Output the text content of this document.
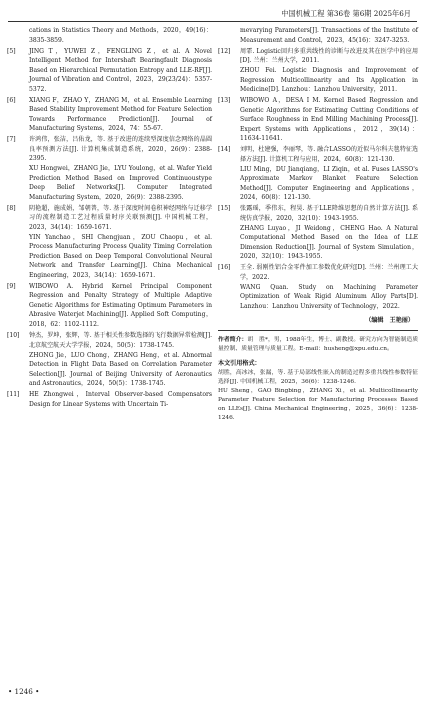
中国机械工程 第36卷 第6期 2025年6月

cations in Statistics Theory and Methods，2020，49(16)：3835-3859.

[5]	JING T，YUWEI Z，FENGLING Z，et al. A Novel Intelligent Method for Intershaft Bearingfault Diagnosis Based on Hierarchical Permutation Entropy and LLE-RF[J]. Journal of Vibration and Control，2023，29(23/24)：5357-5372.

[6]	XIANG F，ZHAO Y，ZHANG M，et al. Ensemble Learning Based Stability Improvement Method for Feature Selection Towards Performance Prediction[J]. Journal of Manufacturing Systems，2024，74：55-67.

[7]	许鸿伟，张洁，吕佑龙，等. 基于改进的连续型深度信念网络的晶圆良率预测方法[J]. 计算机集成制造系统，2020，26(9)：2388-2395.

XU Hongwei，ZHANG Jie，LYU Youlong，et al. Wafer Yield Prediction Method Based on Improved Continuoustype Deep Belief Networks[J]. Computer Integrated Manufacturing System，2020，26(9)：2388-2395.

[8]	阴艳超，施成娟，邹朝普，等. 基于深度时间卷积神经网络与迁移学习的流程制造工艺过程质量时序关联预测[J]. 中国机械工程，2023，34(14)：1659-1671.

YIN Yanchao，SHI Chengjuan，ZOU Chaopu，et al. Process Manufacturing Process Quality Timing Correlation Prediction Based on Deep Temporal Convolutional Neural Network and Transfer Learning[J]. China Mechanical Engineering，2023，34(14)：1659-1671.

[9]	WIBOWO A. Hybrid Kernel Principal Component Regression and Penalty Strategy of Multiple Adaptive Genetic Algorithms for Estimating Optimum Parameters in Abrasive Waterjet Machining[J]. Applied Soft Computing，2018，62：1102-1112.

[10]	钟杰，罗坤，张辉，等. 基于相关性参数选择的飞行数据异常检测[J]. 北京航空航天大学学报，2024，50(5)：1738-1745.

ZHONG Jie，LUO Chong，ZHANG Heng，et al. Abnormal Detection in Flight Data Based on Correlation Parameter Selection[J]. Journal of Beijing University of Aeronautics and Astronautics，2024，50(5)：1738-1745.

[11]	HE Zhongwei，Interval Observer-based Compensators Design for Linear Systems with Uncertain Ti-

mevarying Parameters[J]. Transactions of the Institute of Measurement and Control，2023，45(16)：3247-3253.

[12]	周霏. Logistic回归多重共线性的诊断与改进及其在医学中的应用[D]. 兰州：兰州大学，2011.

ZHOU Fei. Logistic Diagnosis and Improvement of Regression Multicollinearity and Its Application in Medicine[D]. Lanzhou：Lanzhou University，2011.

[13]	WIBOWO A，DESA I M. Kernel Based Regression and Genetic Algorithms for Estimating Cutting Conditions of Surface Roughness in End Milling Machining Process[J]. Expert Systems with Applications，2012，39(14)：11634-11641.

[14]	刘明，杜建强，李丽琴，等. 融合LASSO的近似马尔科夫毯特征选择方法[J]. 计算机工程与应用，2024，60(8)：121-130.

LIU Ming，DU Jianqiang，LI Ziqin，et al. Fuses LASSO's Approximate Markov Blanket Feature Selection Method[J]. Computer Engineering and Applications，2024，60(8)：121-130.

[15]	张露瑶，季伟东，程昊. 基于LLE降维思想的自然计算方法[J]. 系统仿真学报，2020，32(10)：1943-1955.

ZHANG Luyao，JI Weidong，CHENG Hao. A Natural Computational Method Based on the Idea of LLE Dimension Reduction[J]. Journal of System Simulation，2020，32(10)：1943-1955.

[16]	王全. 弱刚性铝合金零件加工参数优化研究[D]. 兰州：兰州理工大学，2022.

WANG Quan. Study on Machining Parameter Optimization of Weak Rigid Aluminum Alloy Parts[D]. Lanzhou：Lanzhou University of Technology，2022.

（编辑　王艳丽）

作者简介：胡　胜*，男，1988年生，博士、副教授。研究方向为智能制造质量控制、质量管理与质量工程。E-mail：husheng@xpu.edu.cn。

本文引用格式：

胡胜，高冰冰，张漏，等. 基于局部线性嵌入的制造过程多重共线性参数特征选择[J]. 中国机械工程，2025，36(6)：1238-1246.

HU Sheng，GAO Bingbing，ZHANG Xi，et al. Multicollinearity Parameter Feature Selection for Manufacturing Processes Based on LLEs[J]. China Mechanical Engineering，2025，36(6)：1238-1246.

• 1246 •
